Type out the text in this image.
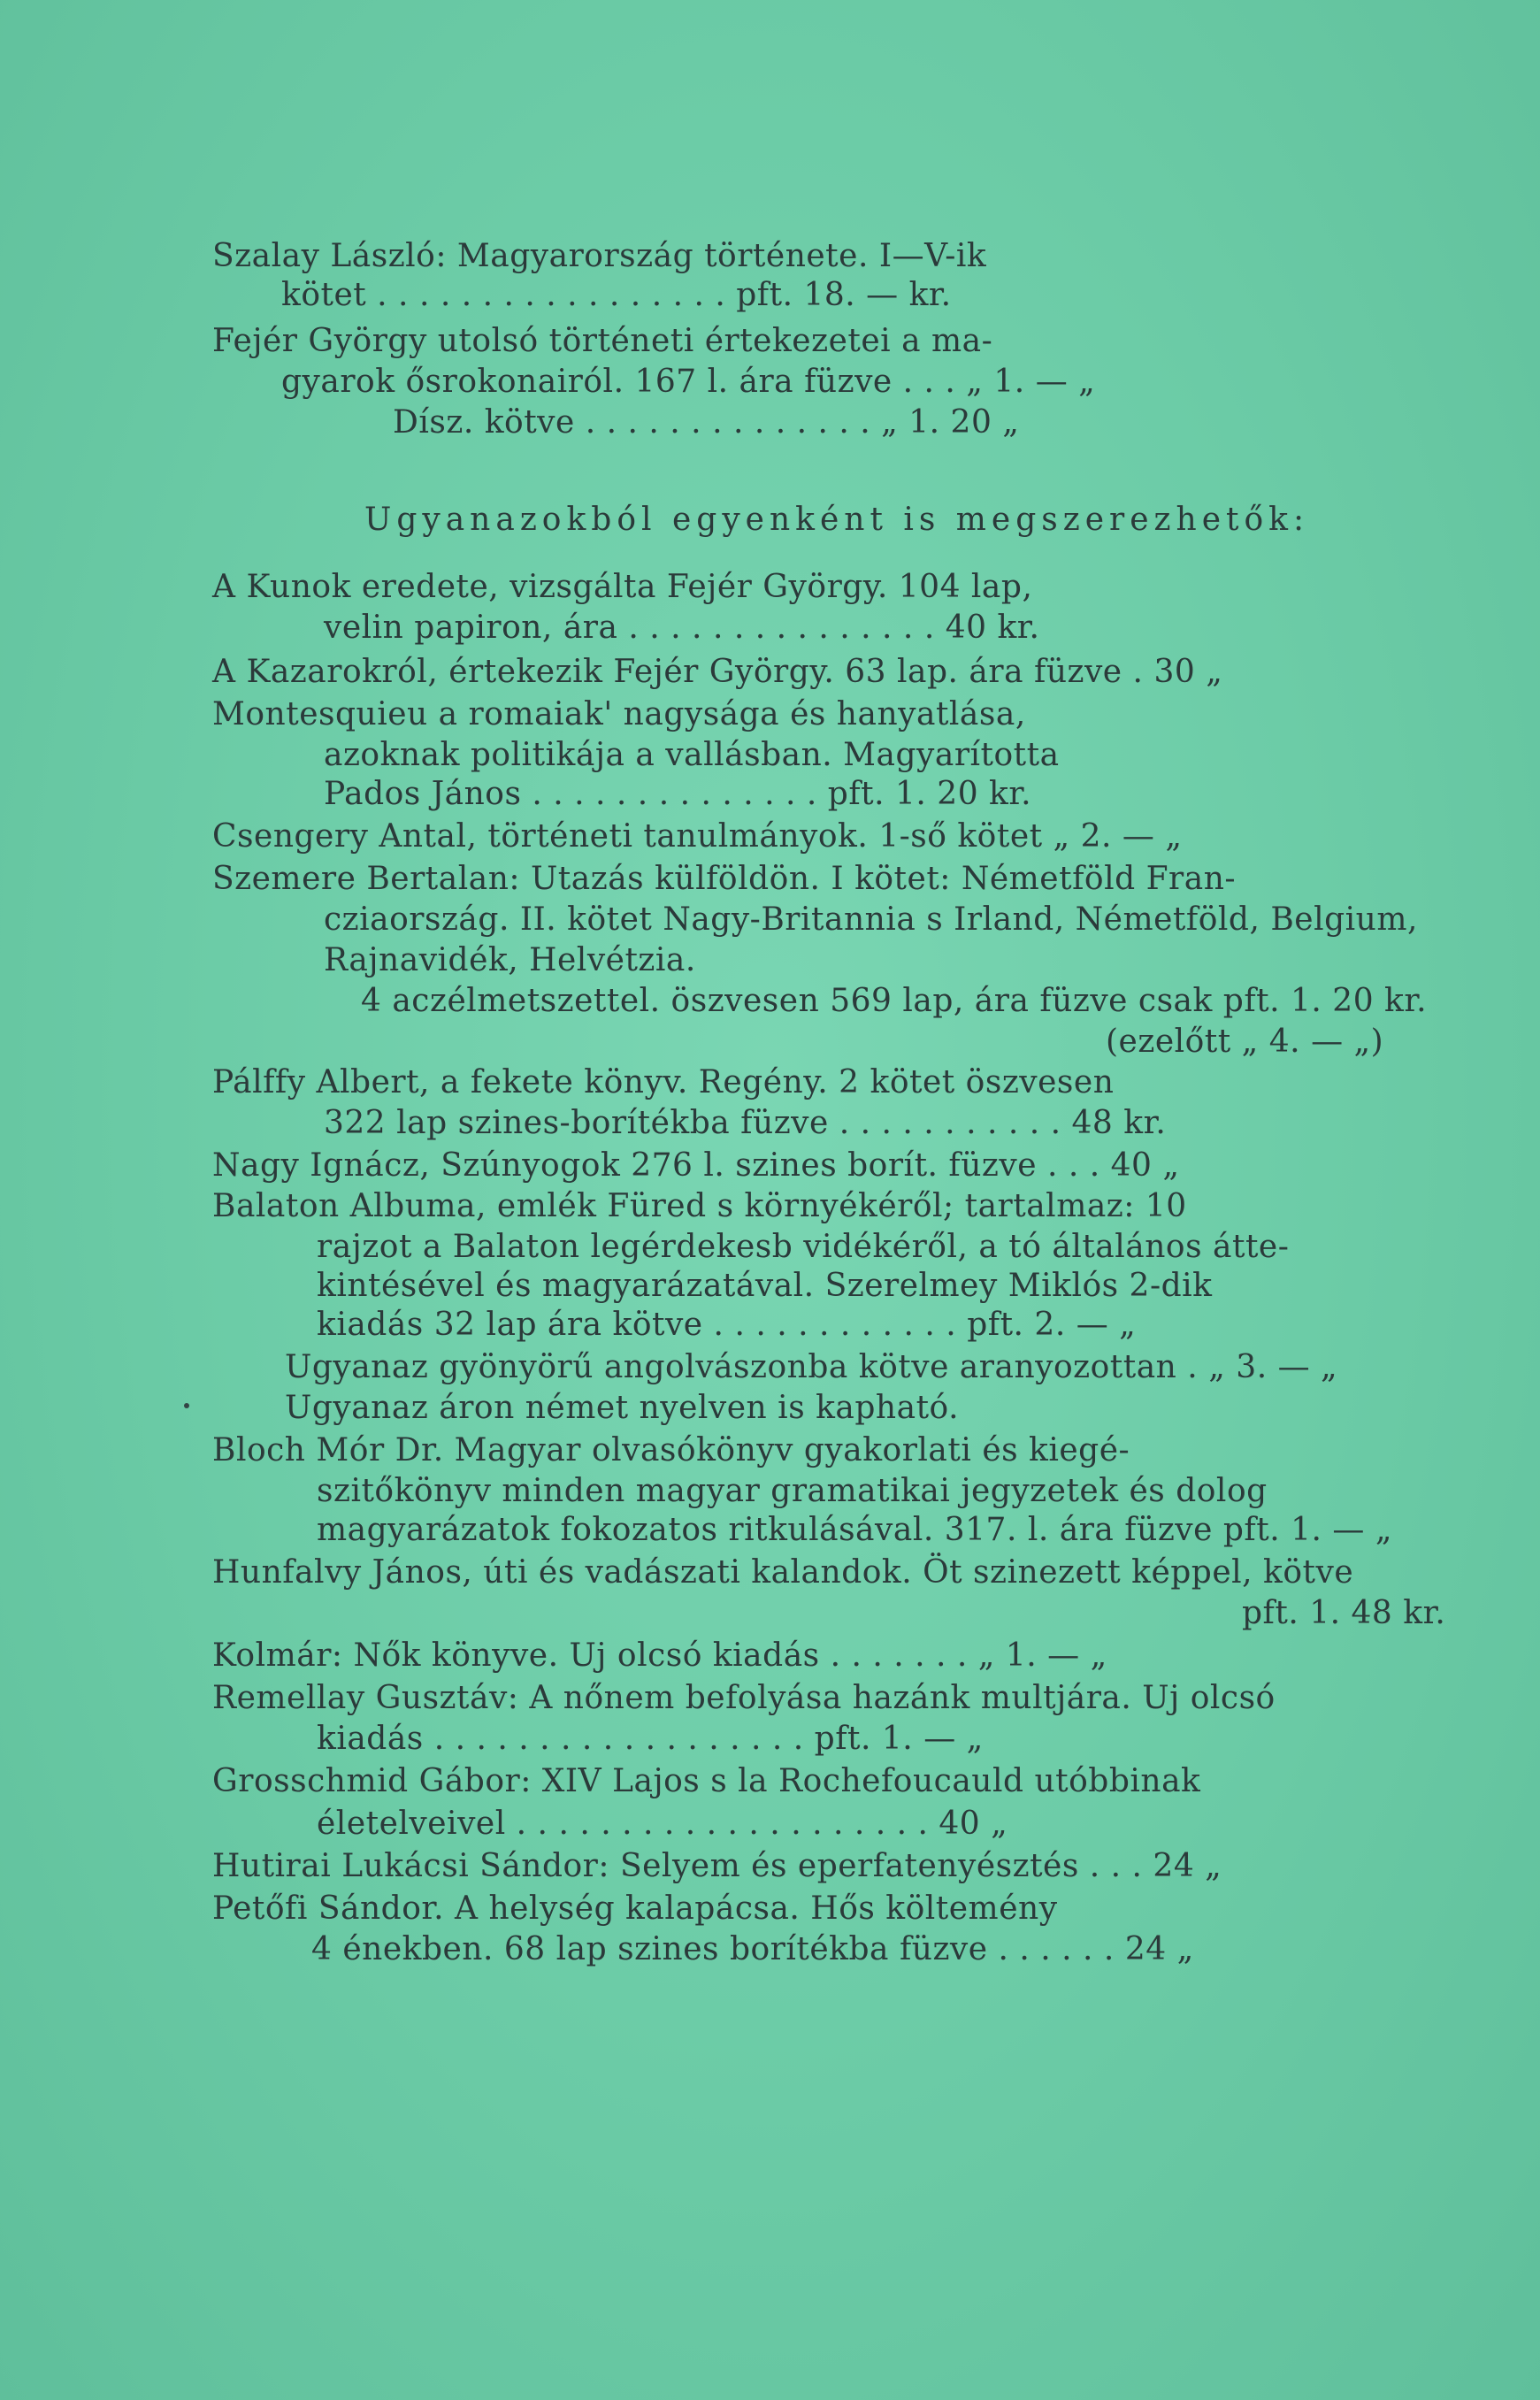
Szalay László: Magyarország története. I—V-ik
kötet . . . . . . . . . . . . . . . . . pft. 18. — kr.
Fejér György utolsó történeti értekezetei a ma-
gyarok ősrokonairól. 167 l. ára füzve . . . „ 1. — „
Dísz. kötve . . . . . . . . . . . . . . „ 1. 20 „
Ugyanazokból egyenként is megszerezhetők:
A Kunok eredete, vizsgálta Fejér György. 104 lap,
velin papiron, ára . . . . . . . . . . . . . . . 40 kr.
A Kazarokról, értekezik Fejér György. 63 lap. ára füzve . 30 „
Montesquieu a romaiak' nagysága és hanyatlása,
azoknak politikája a vallásban. Magyarította
Pados János . . . . . . . . . . . . . . pft. 1. 20 kr.
Csengery Antal, történeti tanulmányok. 1-ső kötet „ 2. — „
Szemere Bertalan: Utazás külföldön. I kötet: Németföld Fran-
cziaország. II. kötet Nagy-Britannia s Irland, Németföld, Belgium,
Rajnavidék, Helvétzia.
4 aczélmetszettel. öszvesen 569 lap, ára füzve csak pft. 1. 20 kr.
(ezelőtt „ 4. — „)
Pálffy Albert, a fekete könyv. Regény. 2 kötet öszvesen
322 lap szines-borítékba füzve . . . . . . . . . . . 48 kr.
Nagy Ignácz, Szúnyogok 276 l. szines borít. füzve . . . 40 „
Balaton Albuma, emlék Füred s környékéről; tartalmaz: 10
rajzot a Balaton legérdekesb vidékéről, a tó általános átte-
kintésével és magyarázatával. Szerelmey Miklós 2-dik
kiadás 32 lap ára kötve . . . . . . . . . . . . pft. 2. — „
Ugyanaz gyönyörű angolvászonba kötve aranyozottan . „ 3. — „
Ugyanaz áron német nyelven is kapható.
Bloch Mór Dr. Magyar olvasókönyv gyakorlati és kiegé-
szitőkönyv minden magyar gramatikai jegyzetek és dolog
magyarázatok fokozatos ritkulásával. 317. l. ára füzve pft. 1. — „
Hunfalvy János, úti és vadászati kalandok. Öt szinezett képpel, kötve
pft. 1. 48 kr.
Kolmár: Nők könyve. Uj olcsó kiadás . . . . . . . „ 1. — „
Remellay Gusztáv: A nőnem befolyása hazánk multjára. Uj olcsó
kiadás . . . . . . . . . . . . . . . . . . pft. 1. — „
Grosschmid Gábor: XIV Lajos s la Rochefoucauld utóbbinak
életelveivel . . . . . . . . . . . . . . . . . . . . 40 „
Hutirai Lukácsi Sándor: Selyem és eperfatenyésztés . . . 24 „
Petőfi Sándor. A helység kalapácsa. Hős költemény
4 énekben. 68 lap szines borítékba füzve . . . . . . 24 „
